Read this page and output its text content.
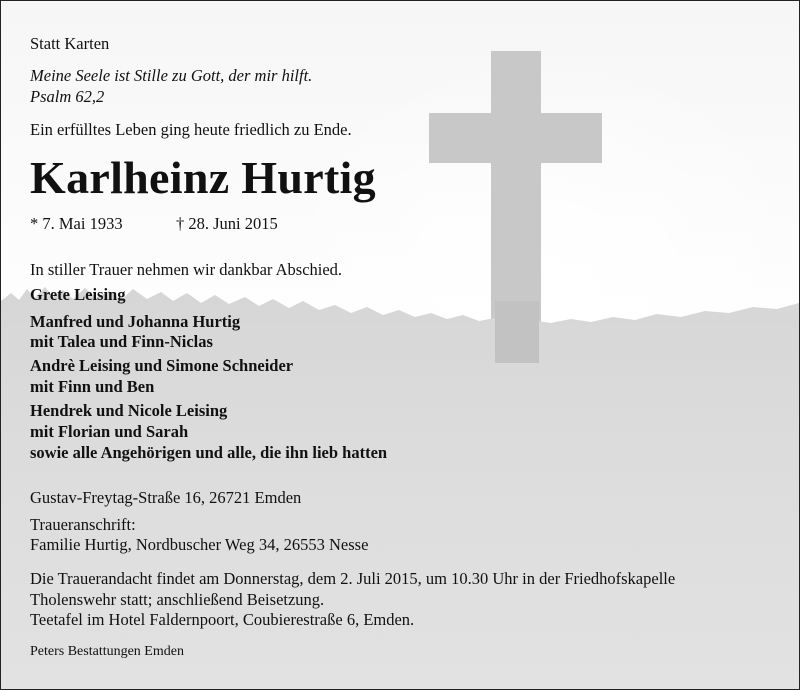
Statt Karten
Meine Seele ist Stille zu Gott, der mir hilft.
Psalm 62,2
Ein erfülltes Leben ging heute friedlich zu Ende.
Karlheinz Hurtig
* 7. Mai 1933	† 28. Juni 2015
In stiller Trauer nehmen wir dankbar Abschied.
Grete Leising
Manfred und Johanna Hurtig
mit Talea und Finn-Niclas
Andrè Leising und Simone Schneider
mit Finn und Ben
Hendrek und Nicole Leising
mit Florian und Sarah
sowie alle Angehörigen und alle, die ihn lieb hatten
Gustav-Freytag-Straße 16, 26721 Emden
Traueranschrift:
Familie Hurtig, Nordbuscher Weg 34, 26553 Nesse
Die Trauerandacht findet am Donnerstag, dem 2. Juli 2015, um 10.30 Uhr in der Friedhofskapelle
Tholenswehr statt; anschließend Beisetzung.
Teetafel im Hotel Faldernpoort, Coubierestraße 6, Emden.
Peters Bestattungen Emden
